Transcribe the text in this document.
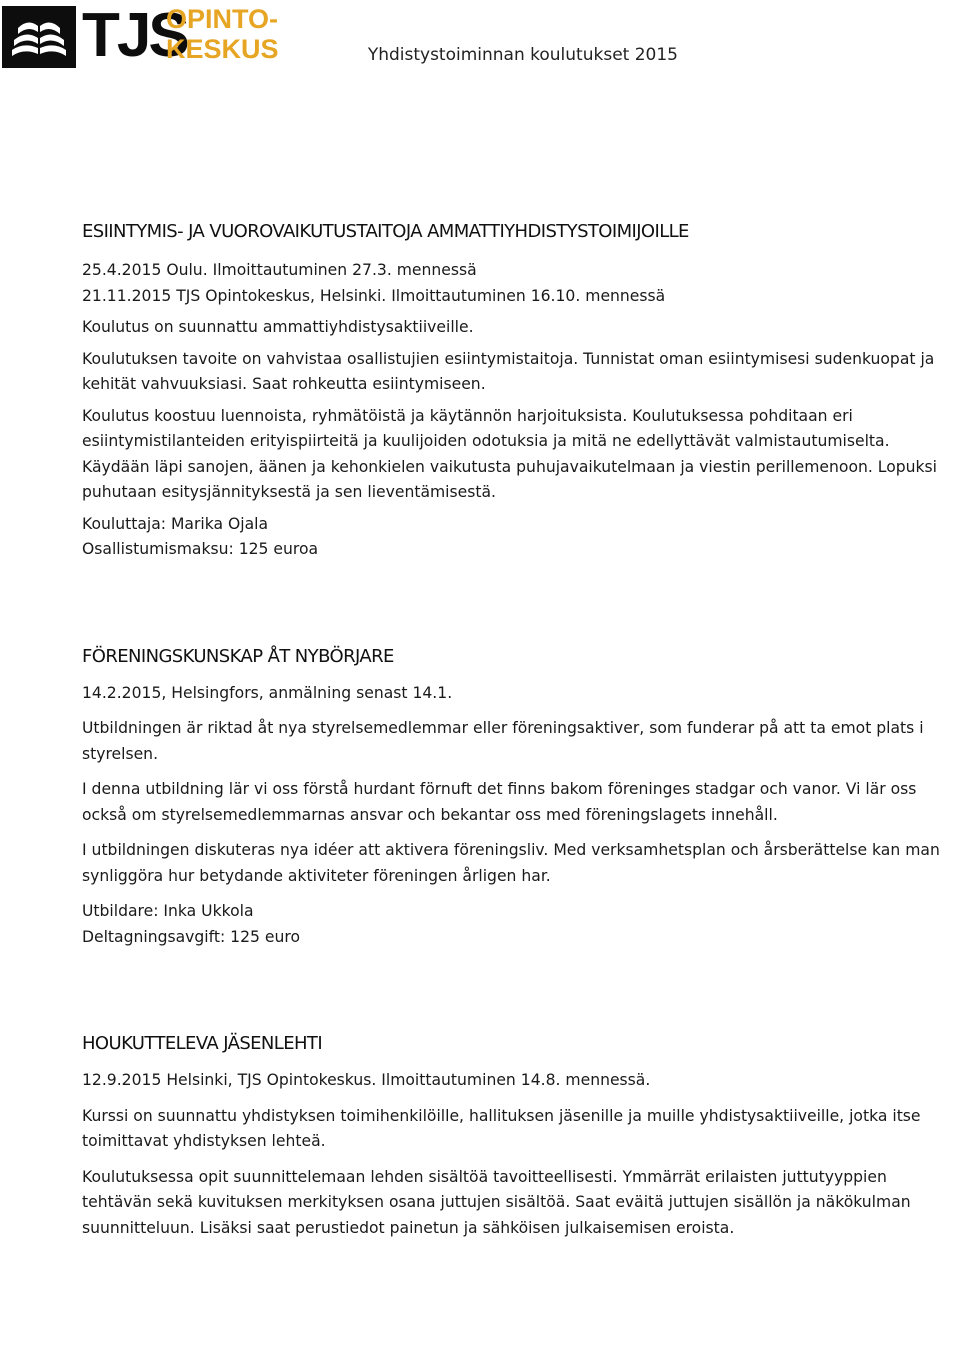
TJS
OPINTO-
KESKUS	Yhdistystoiminnan koulutukset 2015
ESIINTYMIS- JA VUOROVAIKUTUSTAITOJA AMMATTIYHDISTYSTOIMIJOILLE

25.4.2015 Oulu. Ilmoittautuminen 27.3. mennessä

21.11.2015 TJS Opintokeskus, Helsinki. Ilmoittautuminen 16.10. mennessä

Koulutus on suunnattu ammattiyhdistysaktiiveille.

Koulutuksen tavoite on vahvistaa osallistujien esiintymistaitoja. Tunnistat oman esiintymisesi sudenkuopat ja kehität vahvuuksiasi. Saat rohkeutta esiintymiseen.

Koulutus koostuu luennoista, ryhmätöistä ja käytännön harjoituksista. Koulutuksessa pohditaan eri esiintymistilanteiden erityispiirteitä ja kuulijoiden odotuksia ja mitä ne edellyttävät valmistautumiselta. Käydään läpi sanojen, äänen ja kehonkielen vaikutusta puhujavaikutelmaan ja viestin perillemenoon. Lopuksi puhutaan esitysjännityksestä ja sen lieventämisestä.

Kouluttaja: Marika Ojala

Osallistumismaksu: 125 euroa

FÖRENINGSKUNSKAP ÅT NYBÖRJARE

14.2.2015, Helsingfors, anmälning senast 14.1.

Utbildningen är riktad åt nya styrelsemedlemmar eller föreningsaktiver, som funderar på att ta emot plats i styrelsen.

I denna utbildning lär vi oss förstå hurdant förnuft det finns bakom föreninges stadgar och vanor. Vi lär oss också om styrelsemedlemmarnas ansvar och bekantar oss med föreningslagets innehåll.

I utbildningen diskuteras nya idéer att aktivera föreningsliv. Med verksamhetsplan och årsberättelse kan man synliggöra hur betydande aktiviteter föreningen årligen har.

Utbildare: Inka Ukkola

Deltagningsavgift: 125 euro

HOUKUTTELEVA JÄSENLEHTI

12.9.2015 Helsinki, TJS Opintokeskus. Ilmoittautuminen 14.8. mennessä.

Kurssi on suunnattu yhdistyksen toimihenkilöille, hallituksen jäsenille ja muille yhdistysaktiiveille, jotka itse toimittavat yhdistyksen lehteä.

Koulutuksessa opit suunnittelemaan lehden sisältöä tavoitteellisesti. Ymmärrät erilaisten juttutyyppien tehtävän sekä kuvituksen merkityksen osana juttujen sisältöä. Saat eväitä juttujen sisällön ja näkökulman suunnitteluun. Lisäksi saat perustiedot painetun ja sähköisen julkaisemisen eroista.
